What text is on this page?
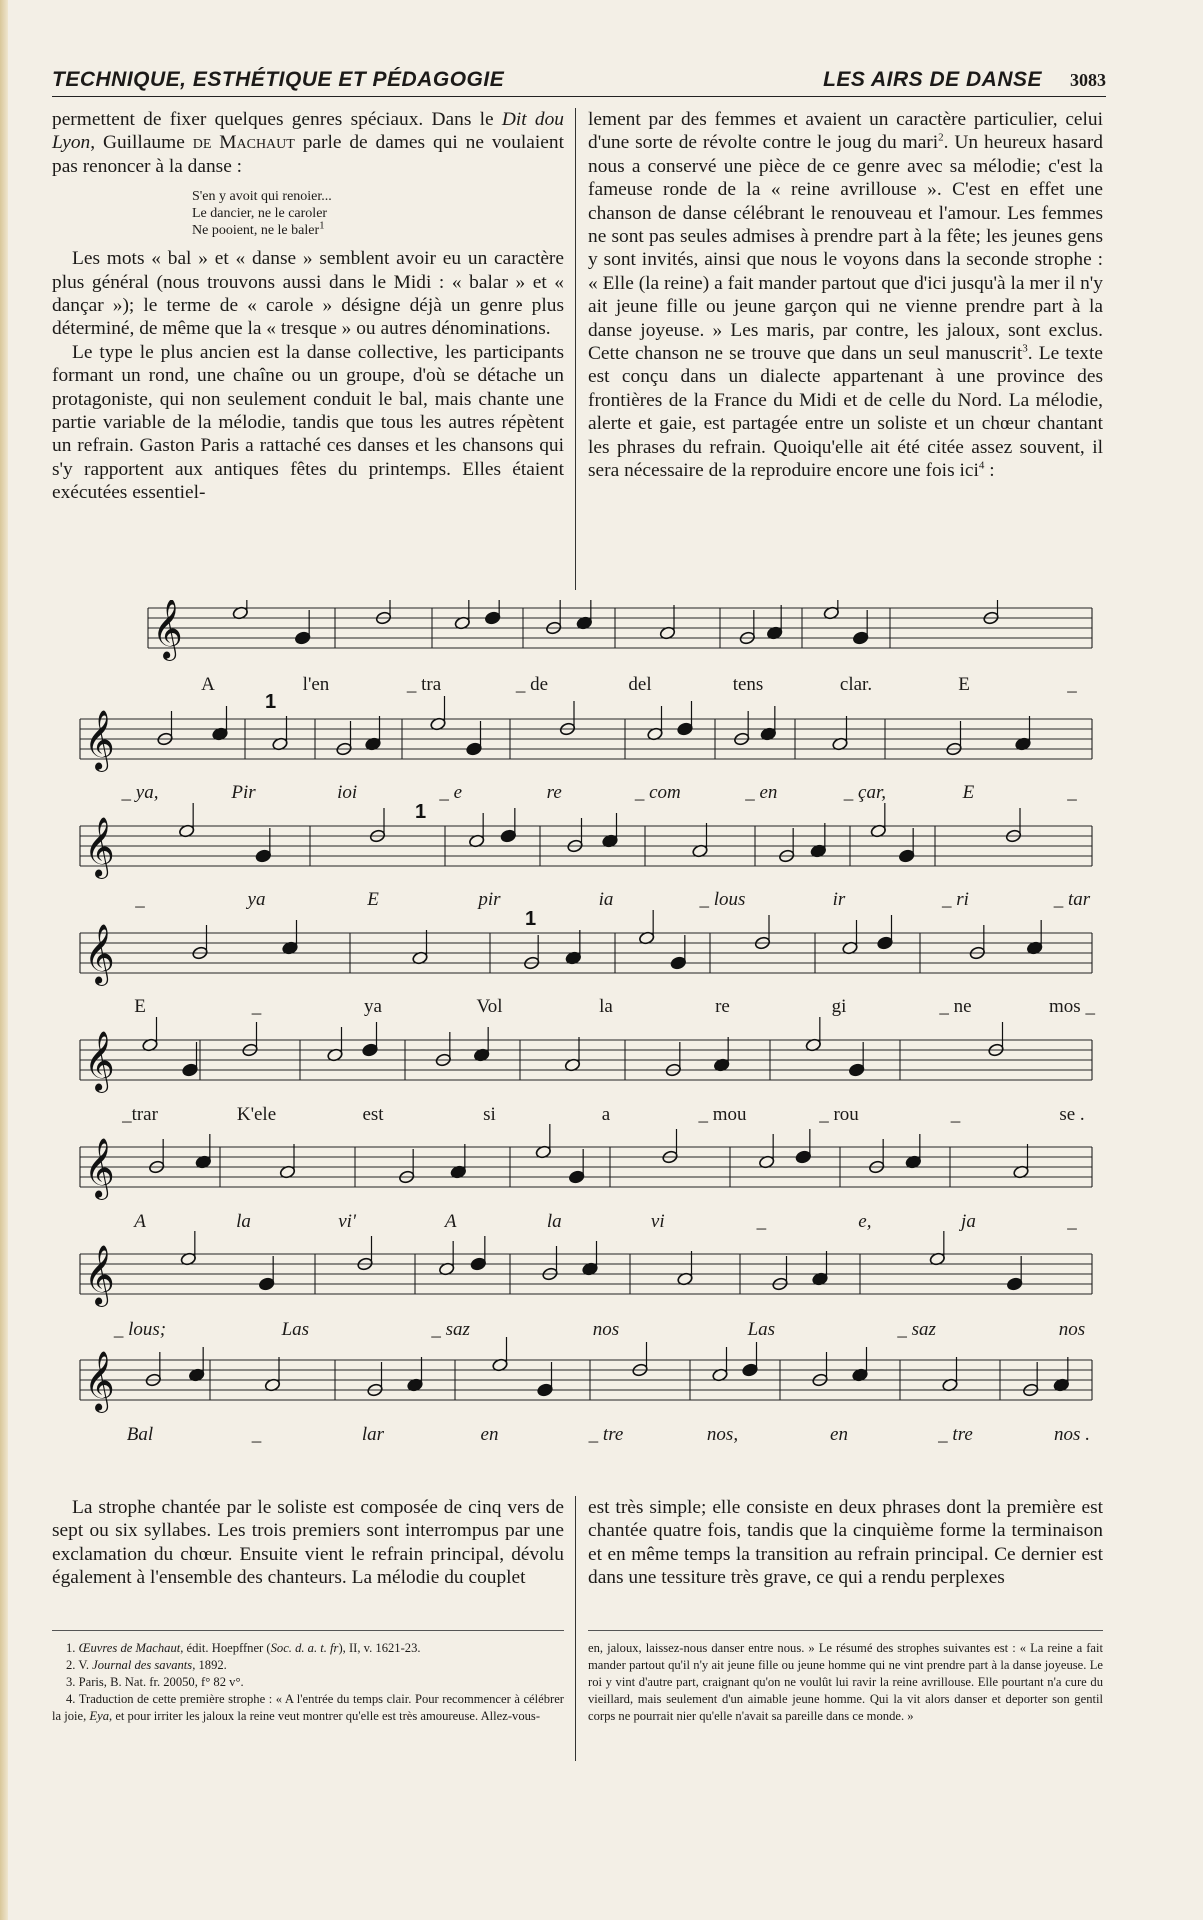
TECHNIQUE, ESTHÉTIQUE ET PÉDAGOGIE	LES AIRS DE DANSE 3083

permettent de fixer quelques genres spéciaux. Dans le Dit dou Lyon, Guillaume de Machaut parle de dames qui ne voulaient pas renoncer à la danse :

S'en y avoit qui renoier...
Le dancier, ne le caroler
Ne pooient, ne le baler$^1$

Les mots « bal » et « danse » semblent avoir eu un caractère plus général (nous trouvons aussi dans le Midi : « balar » et « dançar »); le terme de « carole » désigne déjà un genre plus déterminé, de même que la « tresque » ou autres dénominations.

Le type le plus ancien est la danse collective, les participants formant un rond, une chaîne ou un groupe, d'où se détache un protagoniste, qui non seulement conduit le bal, mais chante une partie variable de la mélodie, tandis que tous les autres répètent un refrain. Gaston Paris a rattaché ces danses et les chansons qui s'y rapportent aux antiques fêtes du printemps. Elles étaient exécutées essentiel-

lement par des femmes et avaient un caractère particulier, celui d'une sorte de révolte contre le joug du mari$^2$. Un heureux hasard nous a conservé une pièce de ce genre avec sa mélodie; c'est la fameuse ronde de la « reine avrillouse ». C'est en effet une chanson de danse célébrant le renouveau et l'amour. Les femmes ne sont pas seules admises à prendre part à la fête; les jeunes gens y sont invités, ainsi que nous le voyons dans la seconde strophe : « Elle (la reine) a fait mander partout que d'ici jusqu'à la mer il n'y ait jeune fille ou jeune garçon qui ne vienne prendre part à la danse joyeuse. » Les maris, par contre, les jaloux, sont exclus. Cette chanson ne se trouve que dans un seul manuscrit$^3$. Le texte est conçu dans un dialecte appartenant à une province des frontières de la France du Midi et de celle du Nord. La mélodie, alerte et gaie, est partagée entre un soliste et un chœur chantant les phrases du refrain. Quoiqu'elle ait été citée assez souvent, il sera nécessaire de la reproduire encore une fois ici$^4$ :

𝄞
A	l'en	_ tra	_ de	del	tens	clar.	E	_
𝄞
_ ya,	Pir	ioi	_ e	re	_ com	_ en	_ çar,	E	_
𝄞
_	ya	E	pir	ia	_ lous	ir	_ ri	_ tar
𝄞
E	_	ya	Vol	la	re	gi	_ ne	mos _
𝄞
_trar	K'ele	est	si	a	_ mou	_ rou	_	se .
𝄞
A	la	vi'	A	la	vi	_	e,	ja	_
𝄞
_ lous;	Las	_ saz	nos	Las	_ saz	nos
𝄞
Bal	_	lar	en	_ tre	nos,	en	_ tre	nos .
1
1
1

La strophe chantée par le soliste est composée de cinq vers de sept ou six syllabes. Les trois premiers sont interrompus par une exclamation du chœur. Ensuite vient le refrain principal, dévolu également à l'ensemble des chanteurs. La mélodie du couplet

est très simple; elle consiste en deux phrases dont la première est chantée quatre fois, tandis que la cinquième forme la terminaison et en même temps la transition au refrain principal. Ce dernier est dans une tessiture très grave, ce qui a rendu perplexes

1. Œuvres de Machaut, édit. Hoepffner (Soc. d. a. t. fr), II, v. 1621-23.

2. V. Journal des savants, 1892.

3. Paris, B. Nat. fr. 20050, f° 82 v°.

4. Traduction de cette première strophe : « A l'entrée du temps clair. Pour recommencer à célébrer la joie, Eya, et pour irriter les jaloux la reine veut montrer qu'elle est très amoureuse. Allez-vous-

en, jaloux, laissez-nous danser entre nous. » Le résumé des strophes suivantes est : « La reine a fait mander partout qu'il n'y ait jeune fille ou jeune homme qui ne vint prendre part à la danse joyeuse. Le roi y vint d'autre part, craignant qu'on ne voulût lui ravir la reine avrillouse. Elle pourtant n'a cure du vieillard, mais seulement d'un aimable jeune homme. Qui la vit alors danser et deporter son gentil corps ne pourrait nier qu'elle n'avait sa pareille dans ce monde. »
